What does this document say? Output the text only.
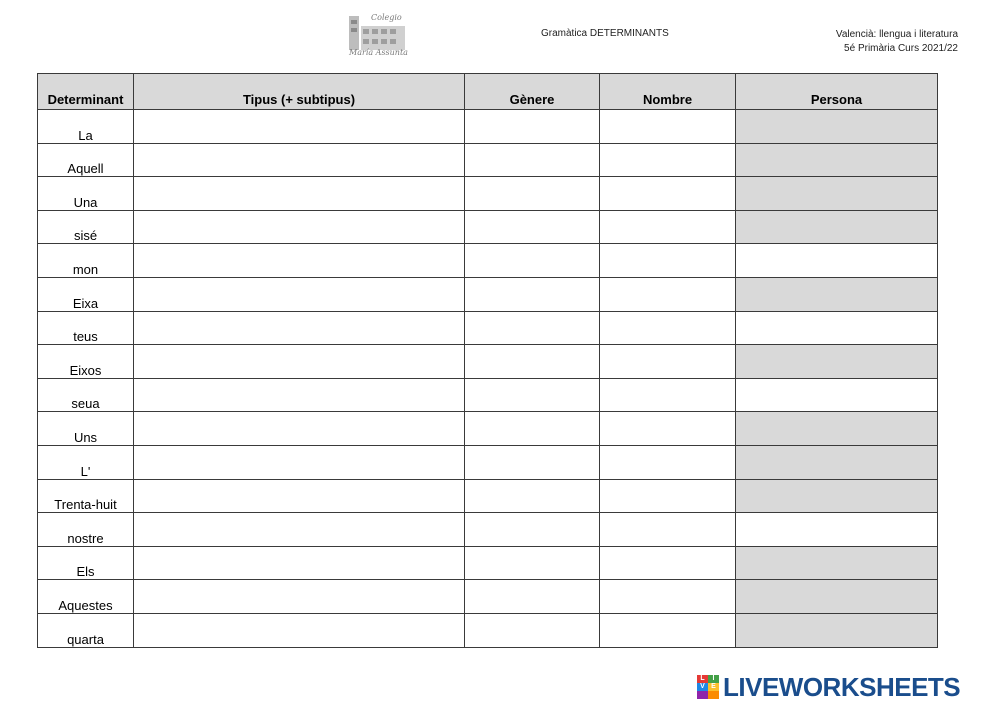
Colegio
María Assunta
Gramàtica DETERMINANTS	Valencià: llengua i literatura
5é Primària Curs 2021/22
Determinant	Tipus (+ subtipus)	Gènere	Nombre	Persona
La				
Aquell				
Una				
sisé				
mon				
Eixa				
teus				
Eixos				
seua				
Uns				
L'				
Trenta-huit				
nostre				
Els				
Aquestes				
quarta				
L	I
V E LIVEWORKSHEETS
